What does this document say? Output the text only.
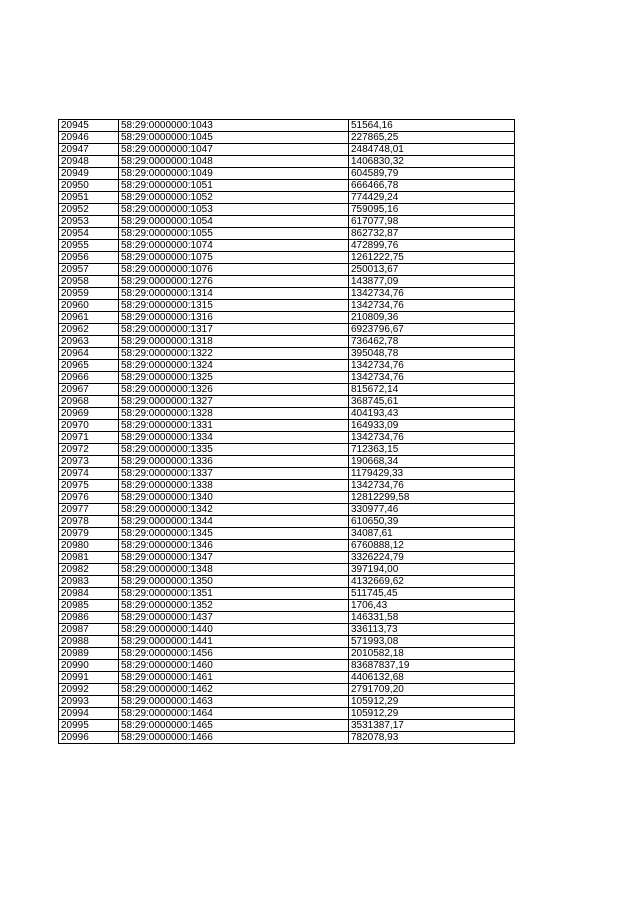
20945	58:29:0000000:1043	51564,16
20946	58:29:0000000:1045	227865,25
20947	58:29:0000000:1047	2484748,01
20948	58:29:0000000:1048	1406830,32
20949	58:29:0000000:1049	604589,79
20950	58:29:0000000:1051	666466,78
20951	58:29:0000000:1052	774429,24
20952	58:29:0000000:1053	759095,16
20953	58:29:0000000:1054	617077,98
20954	58:29:0000000:1055	862732,87
20955	58:29:0000000:1074	472899,76
20956	58:29:0000000:1075	1261222,75
20957	58:29:0000000:1076	250013,67
20958	58:29:0000000:1276	143877,09
20959	58:29:0000000:1314	1342734,76
20960	58:29:0000000:1315	1342734,76
20961	58:29:0000000:1316	210809,36
20962	58:29:0000000:1317	6923796,67
20963	58:29:0000000:1318	736462,78
20964	58:29:0000000:1322	395048,78
20965	58:29:0000000:1324	1342734,76
20966	58:29:0000000:1325	1342734,76
20967	58:29:0000000:1326	815672,14
20968	58:29:0000000:1327	368745,61
20969	58:29:0000000:1328	404193,43
20970	58:29:0000000:1331	164933,09
20971	58:29:0000000:1334	1342734,76
20972	58:29:0000000:1335	712363,15
20973	58:29:0000000:1336	190668,34
20974	58:29:0000000:1337	1179429,33
20975	58:29:0000000:1338	1342734,76
20976	58:29:0000000:1340	12812299,58
20977	58:29:0000000:1342	330977,46
20978	58:29:0000000:1344	610650,39
20979	58:29:0000000:1345	34087,61
20980	58:29:0000000:1346	6760888,12
20981	58:29:0000000:1347	3326224,79
20982	58:29:0000000:1348	397194,00
20983	58:29:0000000:1350	4132669,62
20984	58:29:0000000:1351	511745,45
20985	58:29:0000000:1352	1706,43
20986	58:29:0000000:1437	146331,58
20987	58:29:0000000:1440	336113,73
20988	58:29:0000000:1441	571993,08
20989	58:29:0000000:1456	2010582,18
20990	58:29:0000000:1460	83687837,19
20991	58:29:0000000:1461	4406132,68
20992	58:29:0000000:1462	2791709,20
20993	58:29:0000000:1463	105912,29
20994	58:29:0000000:1464	105912,29
20995	58:29:0000000:1465	3531387,17
20996	58:29:0000000:1466	782078,93
